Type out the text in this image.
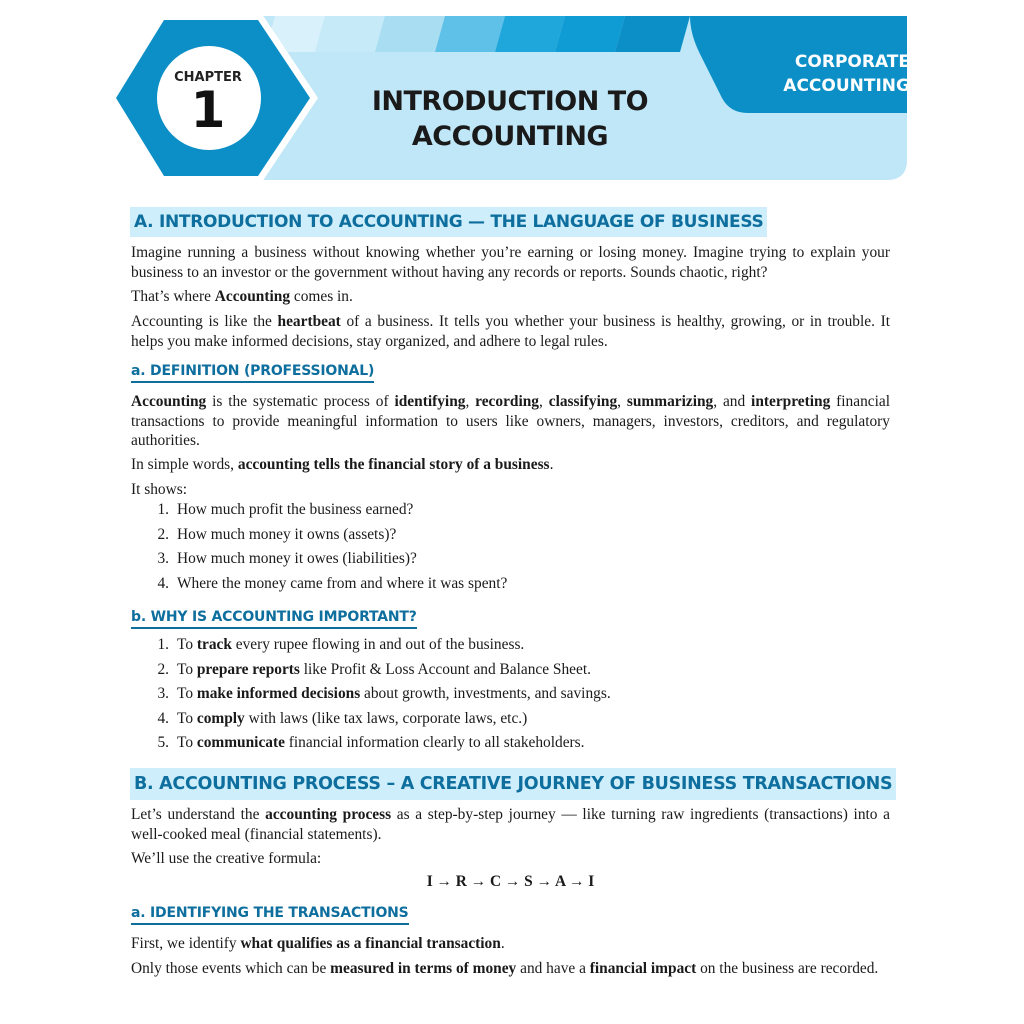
CHAPTER
1	INTRODUCTION TO
ACCOUNTING
CORPORATE
ACCOUNTING
A. INTRODUCTION TO ACCOUNTING — THE LANGUAGE OF BUSINESS

Imagine running a business without knowing whether you’re earning or losing money. Imagine trying to explain your business to an investor or the government without having any records or reports. Sounds chaotic, right?

That’s where Accounting comes in.

Accounting is like the heartbeat of a business. It tells you whether your business is healthy, growing, or in trouble. It helps you make informed decisions, stay organized, and adhere to legal rules.

a. DEFINITION (PROFESSIONAL)

Accounting is the systematic process of identifying, recording, classifying, summarizing, and interpreting financial transactions to provide meaningful information to users like owners, managers, investors, creditors, and regulatory authorities.

In simple words, accounting tells the financial story of a business.

It shows:

1. How much profit the business earned?
2. How much money it owns (assets)?
3. How much money it owes (liabilities)?
4. Where the money came from and where it was spent?
b. WHY IS ACCOUNTING IMPORTANT?
1. To track every rupee flowing in and out of the business.
2. To prepare reports like Profit & Loss Account and Balance Sheet.
3. To make informed decisions about growth, investments, and savings.
4. To comply with laws (like tax laws, corporate laws, etc.)
5. To communicate financial information clearly to all stakeholders.
B. ACCOUNTING PROCESS – A CREATIVE JOURNEY OF BUSINESS TRANSACTIONS

Let’s understand the accounting process as a step-by-step journey — like turning raw ingredients (transactions) into a well-cooked meal (financial statements).

We’ll use the creative formula:

I → R → C → S → A → I
a. IDENTIFYING THE TRANSACTIONS

First, we identify what qualifies as a financial transaction.

Only those events which can be measured in terms of money and have a financial impact on the business are recorded.
